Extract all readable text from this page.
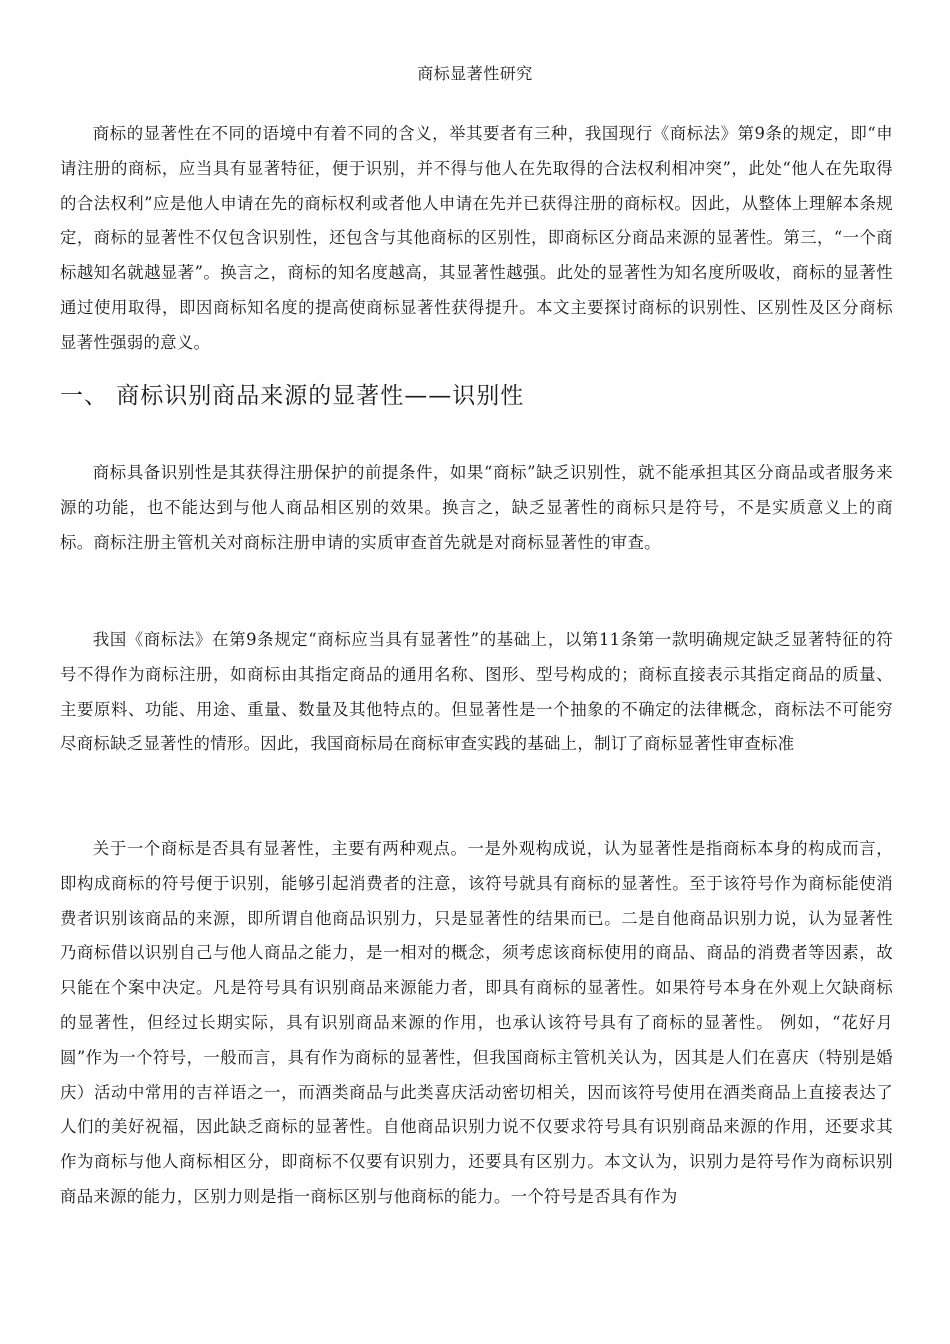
商标显著性研究

商标的显著性在不同的语境中有着不同的含义，举其要者有三种，我国现行《商标法》第9条的规定，即“申请注册的商标，应当具有显著特征，便于识别，并不得与他人在先取得的合法权利相冲突”，此处“他人在先取得的合法权利”应是他人申请在先的商标权利或者他人申请在先并已获得注册的商标权。因此，从整体上理解本条规定，商标的显著性不仅包含识别性，还包含与其他商标的区别性，即商标区分商品来源的显著性。第三，“一个商标越知名就越显著”。换言之，商标的知名度越高，其显著性越强。此处的显著性为知名度所吸收，商标的显著性通过使用取得，即因商标知名度的提高使商标显著性获得提升。本文主要探讨商标的识别性、区别性及区分商标显著性强弱的意义。

一、 商标识别商品来源的显著性——识别性

商标具备识别性是其获得注册保护的前提条件，如果“商标”缺乏识别性，就不能承担其区分商品或者服务来源的功能，也不能达到与他人商品相区别的效果。换言之，缺乏显著性的商标只是符号，不是实质意义上的商标。商标注册主管机关对商标注册申请的实质审查首先就是对商标显著性的审查。

我国《商标法》在第9条规定“商标应当具有显著性”的基础上，以第11条第一款明确规定缺乏显著特征的符号不得作为商标注册，如商标由其指定商品的通用名称、图形、型号构成的；商标直接表示其指定商品的质量、主要原料、功能、用途、重量、数量及其他特点的。但显著性是一个抽象的不确定的法律概念，商标法不可能穷尽商标缺乏显著性的情形。因此，我国商标局在商标审查实践的基础上，制订了商标显著性审查标准

关于一个商标是否具有显著性，主要有两种观点。一是外观构成说，认为显著性是指商标本身的构成而言，即构成商标的符号便于识别，能够引起消费者的注意，该符号就具有商标的显著性。至于该符号作为商标能使消费者识别该商品的来源，即所谓自他商品识别力，只是显著性的结果而已。二是自他商品识别力说，认为显著性乃商标借以识别自己与他人商品之能力，是一相对的概念，须考虑该商标使用的商品、商品的消费者等因素，故只能在个案中决定。凡是符号具有识别商品来源能力者，即具有商标的显著性。如果符号本身在外观上欠缺商标的显著性，但经过长期实际，具有识别商品来源的作用，也承认该符号具有了商标的显著性。 例如，“花好月圆”作为一个符号，一般而言，具有作为商标的显著性，但我国商标主管机关认为，因其是人们在喜庆（特别是婚庆）活动中常用的吉祥语之一，而酒类商品与此类喜庆活动密切相关，因而该符号使用在酒类商品上直接表达了人们的美好祝福，因此缺乏商标的显著性。自他商品识别力说不仅要求符号具有识别商品来源的作用，还要求其作为商标与他人商标相区分，即商标不仅要有识别力，还要具有区别力。本文认为，识别力是符号作为商标识别商品来源的能力，区别力则是指一商标区别与他商标的能力。一个符号是否具有作为
